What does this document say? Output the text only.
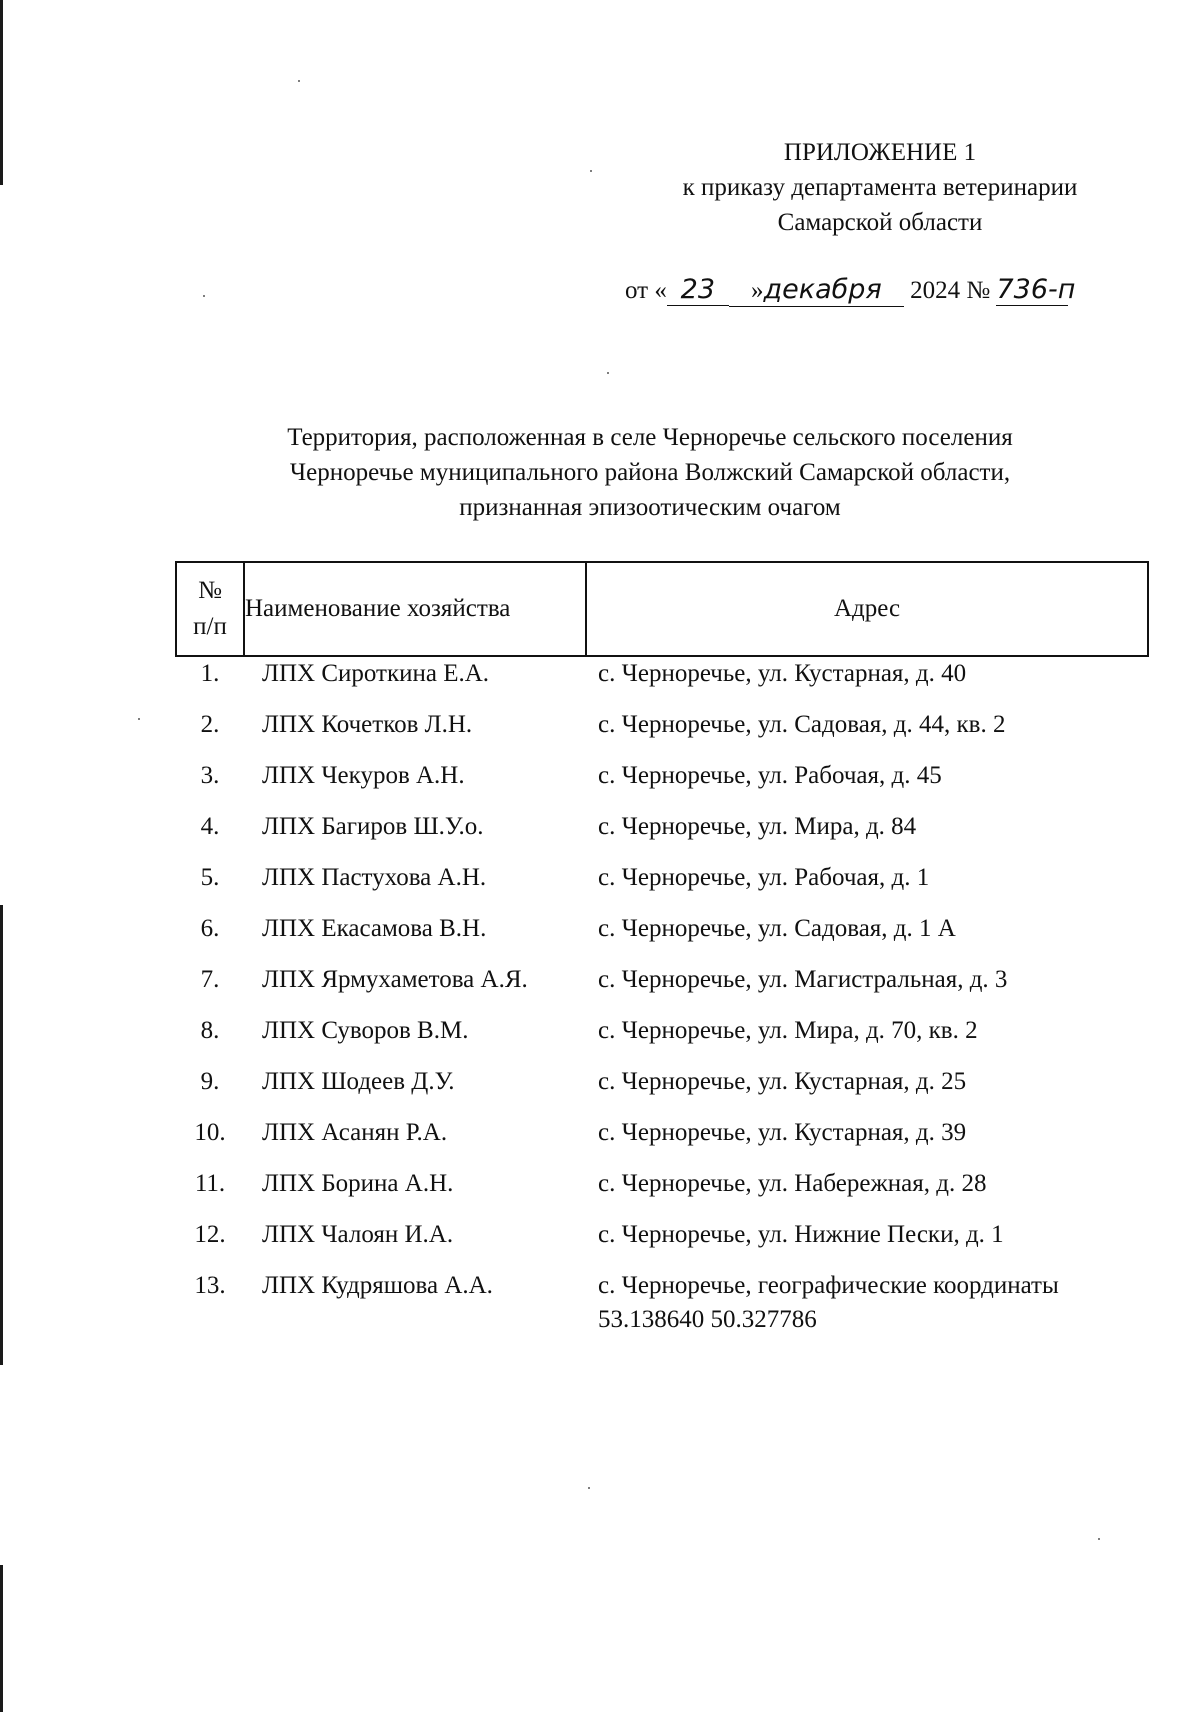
ПРИЛОЖЕНИЕ 1
к приказу департамента ветеринарии
Самарской области
от « 23 »декабря 2024 № 736-п
Территория, расположенная в селе Черноречье сельского поселения
Черноречье муниципального района Волжский Самарской области,
признанная эпизоотическим очагом
№
п/п	Наименование хозяйства	Адрес

1.	ЛПХ Сироткина Е.А.	с. Черноречье, ул. Кустарная, д. 40

2.	ЛПХ Кочетков Л.Н.	с. Черноречье, ул. Садовая, д. 44, кв. 2

3.	ЛПХ Чекуров А.Н.	с. Черноречье, ул. Рабочая, д. 45

4.	ЛПХ Багиров Ш.У.о.	с. Черноречье, ул. Мира, д. 84

5.	ЛПХ Пастухова А.Н.	с. Черноречье, ул. Рабочая, д. 1

6.	ЛПХ Екасамова В.Н.	с. Черноречье, ул. Садовая, д. 1 А

7.	ЛПХ Ярмухаметова А.Я.	с. Черноречье, ул. Магистральная, д. 3

8.	ЛПХ Суворов В.М.	с. Черноречье, ул. Мира, д. 70, кв. 2

9.	ЛПХ Шодеев Д.У.	с. Черноречье, ул. Кустарная, д. 25

10.	ЛПХ Асанян Р.А.	с. Черноречье, ул. Кустарная, д. 39

11.	ЛПХ Борина А.Н.	с. Черноречье, ул. Набережная, д. 28

12.	ЛПХ Чалоян И.А.	с. Черноречье, ул. Нижние Пески, д. 1

13.	ЛПХ Кудряшова А.А.	с. Черноречье, географические координаты
53.138640 50.327786
